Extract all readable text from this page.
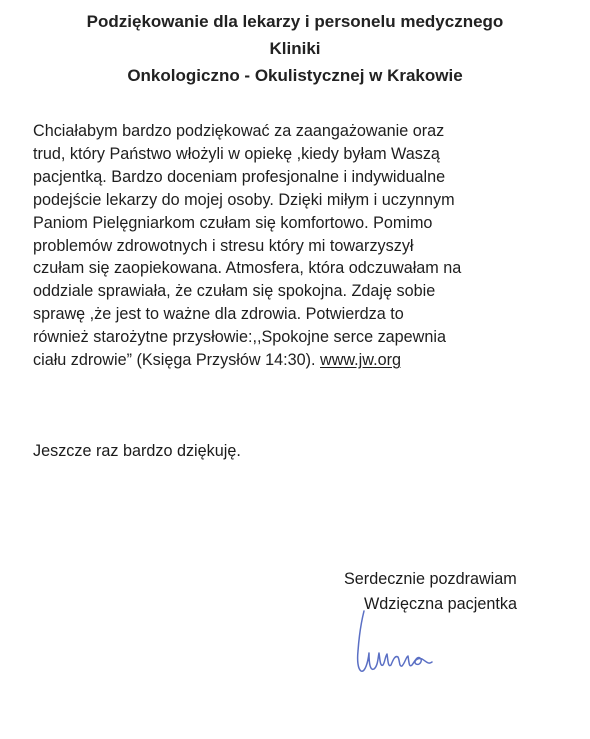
Podziękowanie dla lekarzy i personelu medycznego
Kliniki
Onkologiczno - Okulistycznej w Krakowie
Chciałabym bardzo podziękować za zaangażowanie oraz
trud, który Państwo włożyli w opiekę ,kiedy byłam Waszą
pacjentką. Bardzo doceniam profesjonalne i indywidualne
podejście lekarzy do mojej osoby. Dzięki miłym i uczynnym
Paniom Pielęgniarkom czułam się komfortowo. Pomimo
problemów zdrowotnych i stresu który mi towarzyszył
czułam się zaopiekowana. Atmosfera, która odczuwałam na
oddziale sprawiała, że czułam się spokojna. Zdaję sobie
sprawę ,że jest to ważne dla zdrowia. Potwierdza to
również starożytne przysłowie:,,Spokojne serce zapewnia
ciału zdrowie” (Księga Przysłów 14:30). www.jw.org
Jeszcze raz bardzo dziękuję.
Serdecznie pozdrawiam
Wdzięczna pacjentka
